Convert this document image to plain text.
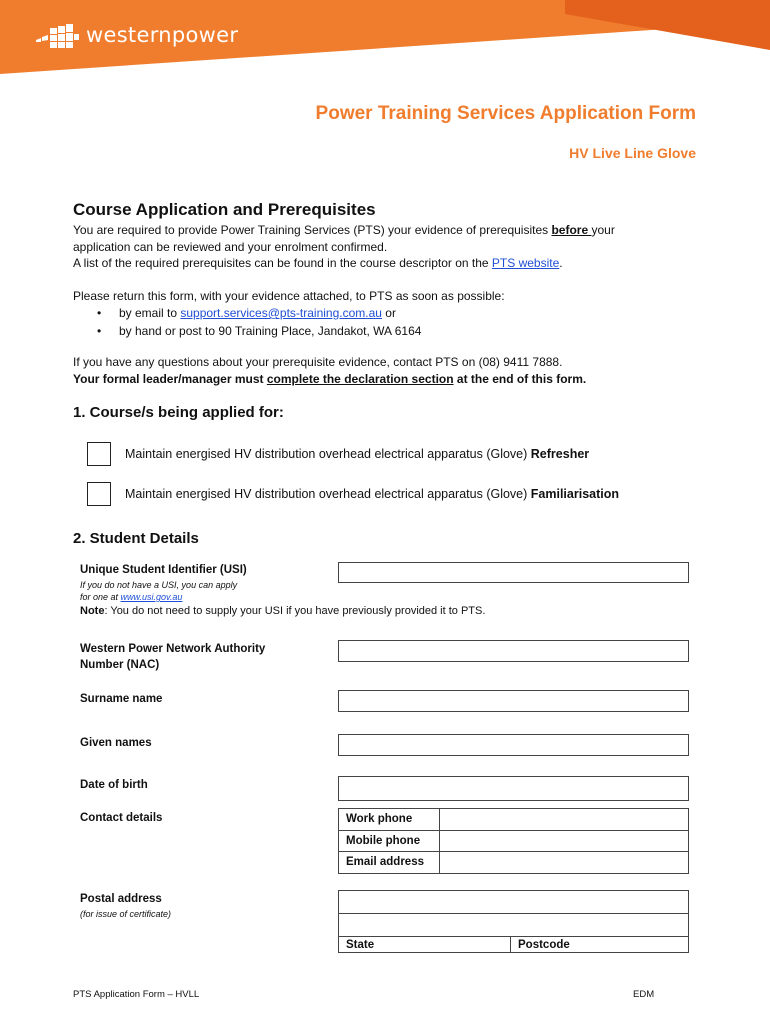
westernpower
Power Training Services Application Form
HV Live Line Glove
Course Application and Prerequisites
You are required to provide Power Training Services (PTS) your evidence of prerequisites before your application can be reviewed and your enrolment confirmed.
A list of the required prerequisites can be found in the course descriptor on the PTS website.
Please return this form, with your evidence attached, to PTS as soon as possible:
• by email to support.services@pts-training.com.au or
• by hand or post to 90 Training Place, Jandakot, WA 6164
If you have any questions about your prerequisite evidence, contact PTS on (08) 9411 7888.
Your formal leader/manager must complete the declaration section at the end of this form.
1. Course/s being applied for:
Maintain energised HV distribution overhead electrical apparatus (Glove) Refresher
Maintain energised HV distribution overhead electrical apparatus (Glove) Familiarisation
2. Student Details
Unique Student Identifier (USI)
If you do not have a USI, you can apply
for one at www.usi.gov.au
Note: You do not need to supply your USI if you have previously provided it to PTS.
Western Power Network Authority
Number (NAC)
Surname name
Given names
Date of birth
Contact details	Work phone	
Mobile phone	
Email address	
Postal address
(for issue of certificate)

State	Postcode
PTS Application Form – HVLL	EDM
